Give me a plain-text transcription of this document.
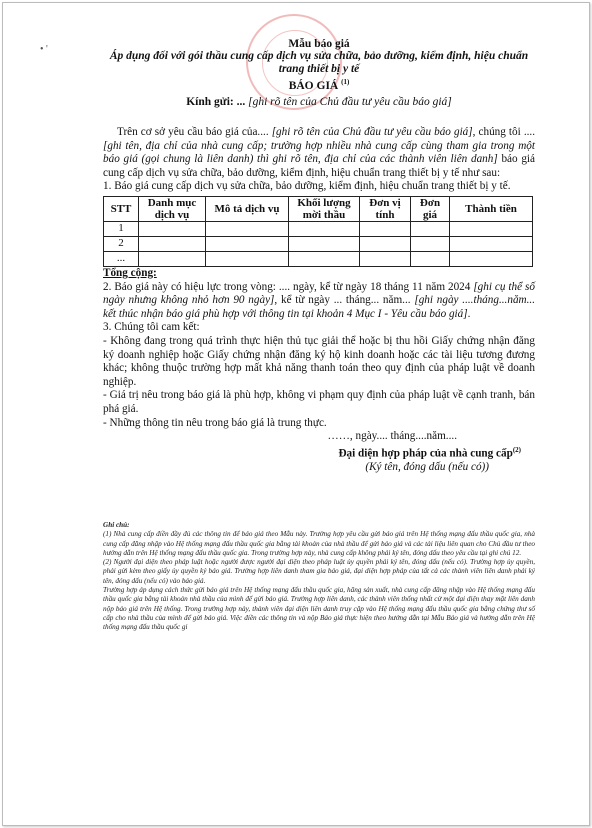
• '	Mẫu báo giá
Áp dụng đối với gói thầu cung cấp dịch vụ sửa chữa, bảo dưỡng, kiểm định, hiệu chuẩn trang thiết bị y tế
BÁO GIÁ $^{(1)}$
Kính gửi: ... [ghi rõ tên của Chủ đầu tư yêu cầu báo giá]

Trên cơ sở yêu cầu báo giá của.... [ghi rõ tên của Chủ đầu tư yêu cầu báo giá], chúng tôi .... [ghi tên, địa chỉ của nhà cung cấp; trường hợp nhiều nhà cung cấp cùng tham gia trong một báo giá (gọi chung là liên danh) thì ghi rõ tên, địa chỉ của các thành viên liên danh] báo giá cung cấp dịch vụ sửa chữa, bảo dưỡng, kiểm định, hiệu chuẩn trang thiết bị y tế như sau:

1. Báo giá cung cấp dịch vụ sửa chữa, bảo dưỡng, kiểm định, hiệu chuẩn trang thiết bị y tế.

STT	Danh mục dịch vụ	Mô tả dịch vụ	Khối lượng mời thầu	Đơn vị tính	Đơn giá	Thành tiền
1						
2						
...						

Tổng cộng:

2. Báo giá này có hiệu lực trong vòng: .... ngày, kể từ ngày 18 tháng 11 năm 2024 [ghi cụ thể số ngày nhưng không nhỏ hơn 90 ngày], kể từ ngày ... tháng... năm... [ghi ngày ....tháng...năm... kết thúc nhận báo giá phù hợp với thông tin tại khoản 4 Mục I - Yêu cầu báo giá].

3. Chúng tôi cam kết:

- Không đang trong quá trình thực hiện thủ tục giải thể hoặc bị thu hồi Giấy chứng nhận đăng ký doanh nghiệp hoặc Giấy chứng nhận đăng ký hộ kinh doanh hoặc các tài liệu tương đương khác; không thuộc trường hợp mất khả năng thanh toán theo quy định của pháp luật về doanh nghiệp.

- Giá trị nêu trong báo giá là phù hợp, không vi phạm quy định của pháp luật về cạnh tranh, bán phá giá.

- Những thông tin nêu trong báo giá là trung thực.

……, ngày.... tháng....năm....

Đại diện hợp pháp của nhà cung cấp$^{(2)}$

(Ký tên, đóng dấu (nếu có))

Ghi chú:

(1) Nhà cung cấp điền đầy đủ các thông tin để báo giá theo Mẫu này. Trường hợp yêu cầu gửi báo giá trên Hệ thống mạng đấu thầu quốc gia, nhà cung cấp đăng nhập vào Hệ thống mạng đấu thầu quốc gia bằng tài khoản của nhà thầu để gửi báo giá và các tài liệu liên quan cho Chủ đầu tư theo hướng dẫn trên Hệ thống mạng đấu thầu quốc gia. Trong trường hợp này, nhà cung cấp không phải ký tên, đóng dấu theo yêu cầu tại ghi chú 12.

(2) Người đại diện theo pháp luật hoặc người được người đại diện theo pháp luật ủy quyền phải ký tên, đóng dấu (nếu có). Trường hợp ủy quyền, phải gửi kèm theo giấy ủy quyền ký báo giá. Trường hợp liên danh tham gia báo giá, đại diện hợp pháp của tất cả các thành viên liên danh phải ký tên, đóng dấu (nếu có) vào báo giá.

Trường hợp áp dụng cách thức gửi báo giá trên Hệ thống mạng đấu thầu quốc gia, hãng sản xuất, nhà cung cấp đăng nhập vào Hệ thống mạng đấu thầu quốc gia bằng tài khoản nhà thầu của mình để gửi báo giá. Trường hợp liên danh, các thành viên thống nhất cử một đại diện thay mặt liên danh nộp báo giá trên Hệ thống. Trong trường hợp này, thành viên đại diện liên danh truy cập vào Hệ thống mạng đấu thầu quốc gia bằng chứng thư số cấp cho nhà thầu của mình để gửi báo giá. Việc điền các thông tin và nộp Báo giá thực hiện theo hướng dẫn tại Mẫu Báo giá và hướng dẫn trên Hệ thống mạng đấu thầu quốc gi
